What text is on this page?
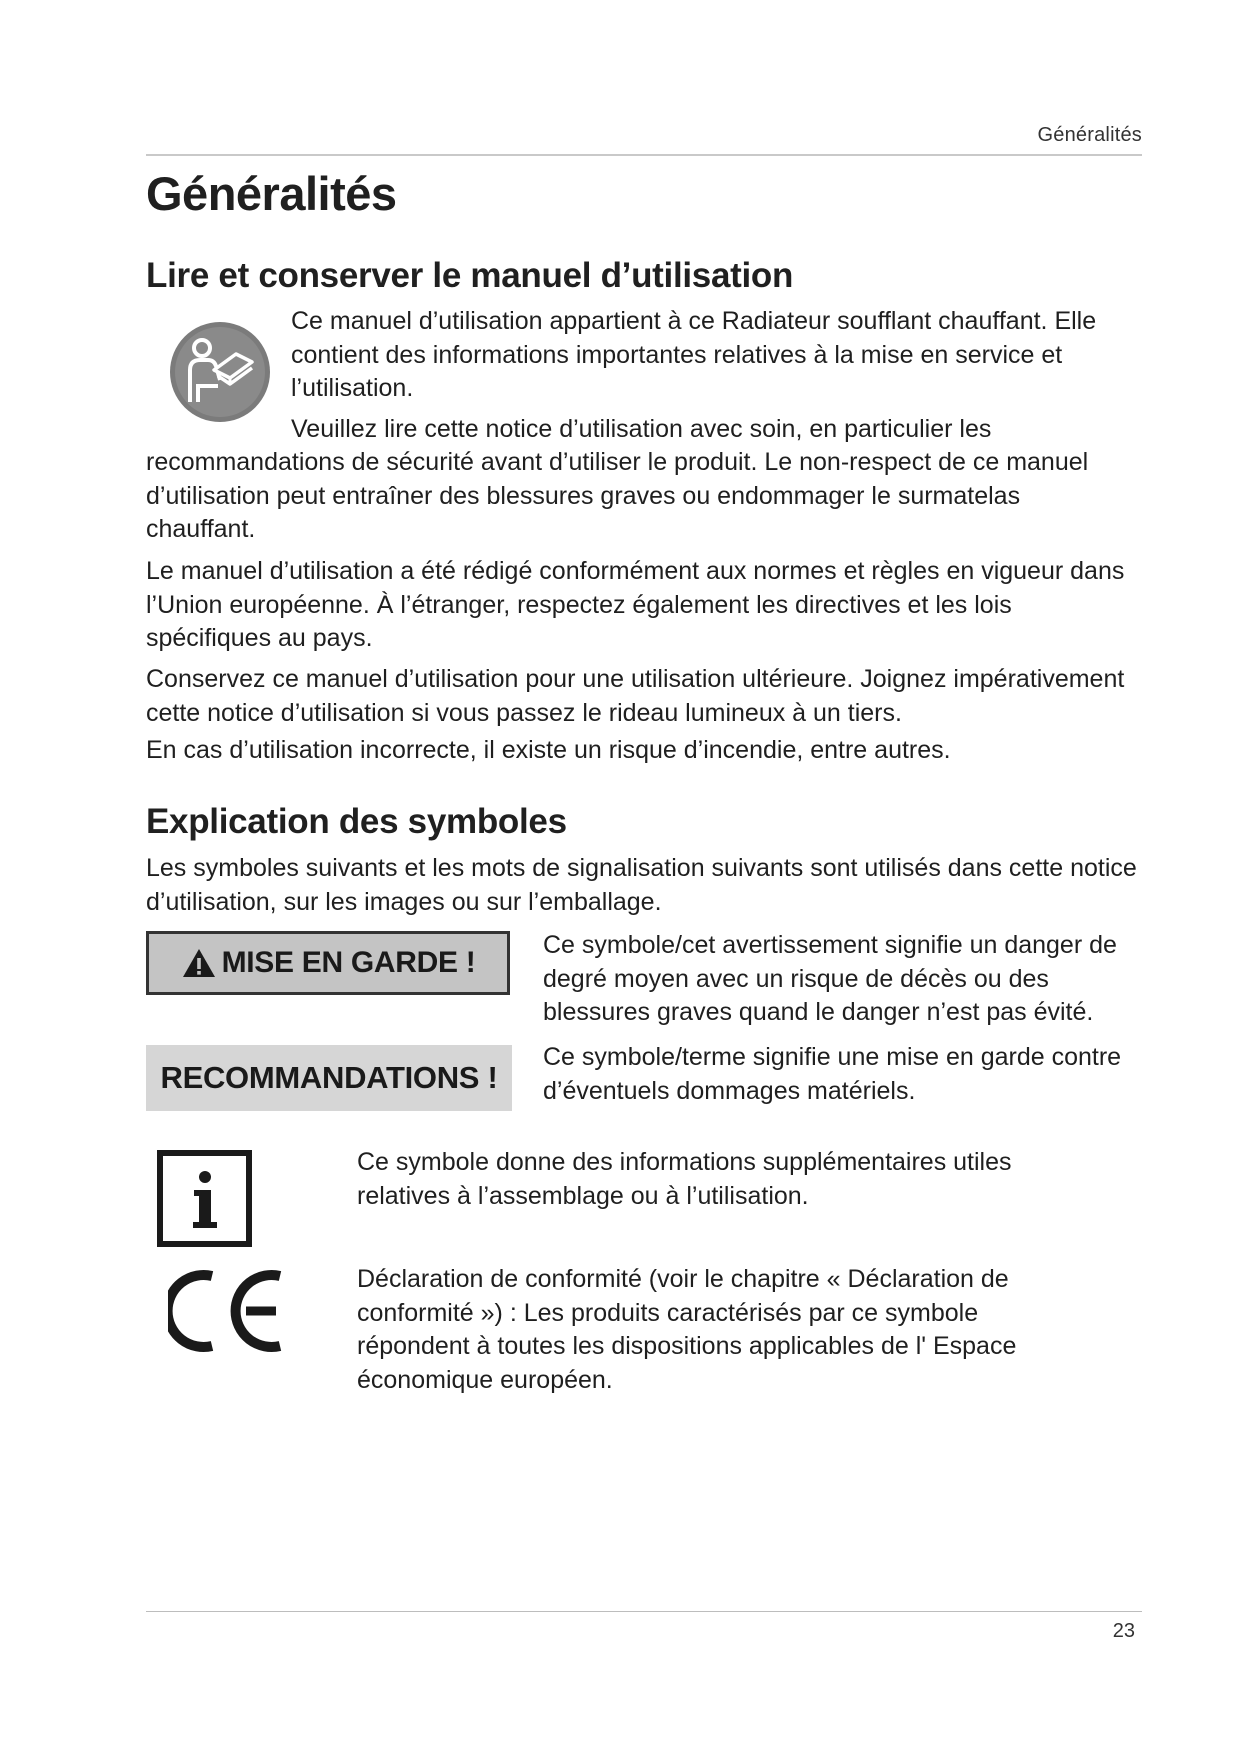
Généralités
Généralités
Lire et conserver le manuel d’utilisation

Ce manuel d’utilisation appartient à ce Radiateur soufflant chauffant. Elle contient des informations importantes relatives à la mise en service et l’utilisation.

Veuillez lire cette notice d’utilisation avec soin, en particulier les

recommandations de sécurité avant d’utiliser le produit. Le non-respect de ce manuel d’utilisation peut entraîner des blessures graves ou endommager le surmatelas chauffant.

Le manuel d’utilisation a été rédigé conformément aux normes et règles en vigueur dans l’Union européenne. À l’étranger, respectez également les directives et les lois spécifiques au pays.

Conservez ce manuel d’utilisation pour une utilisation ultérieure. Joignez impérativement cette notice d’utilisation si vous passez le rideau lumineux à un tiers.

En cas d’utilisation incorrecte, il existe un risque d’incendie, entre autres.

Explication des symboles

Les symboles suivants et les mots de signalisation suivants sont utilisés dans cette notice d’utilisation, sur les images ou sur l’emballage.

MISE EN GARDE !

Ce symbole/cet avertissement signifie un danger de degré moyen avec un risque de décès ou des blessures graves quand le danger n’est pas évité.

RECOMMANDATIONS !

Ce symbole/terme signifie une mise en garde contre d’éventuels dommages matériels.

Ce symbole donne des informations supplémentaires utiles relatives à l’assemblage ou à l’utilisation.

Déclaration de conformité (voir le chapitre « Déclaration de conformité ») : Les produits caractérisés par ce symbole répondent à toutes les dispositions applicables de l' Espace économique européen.

23
